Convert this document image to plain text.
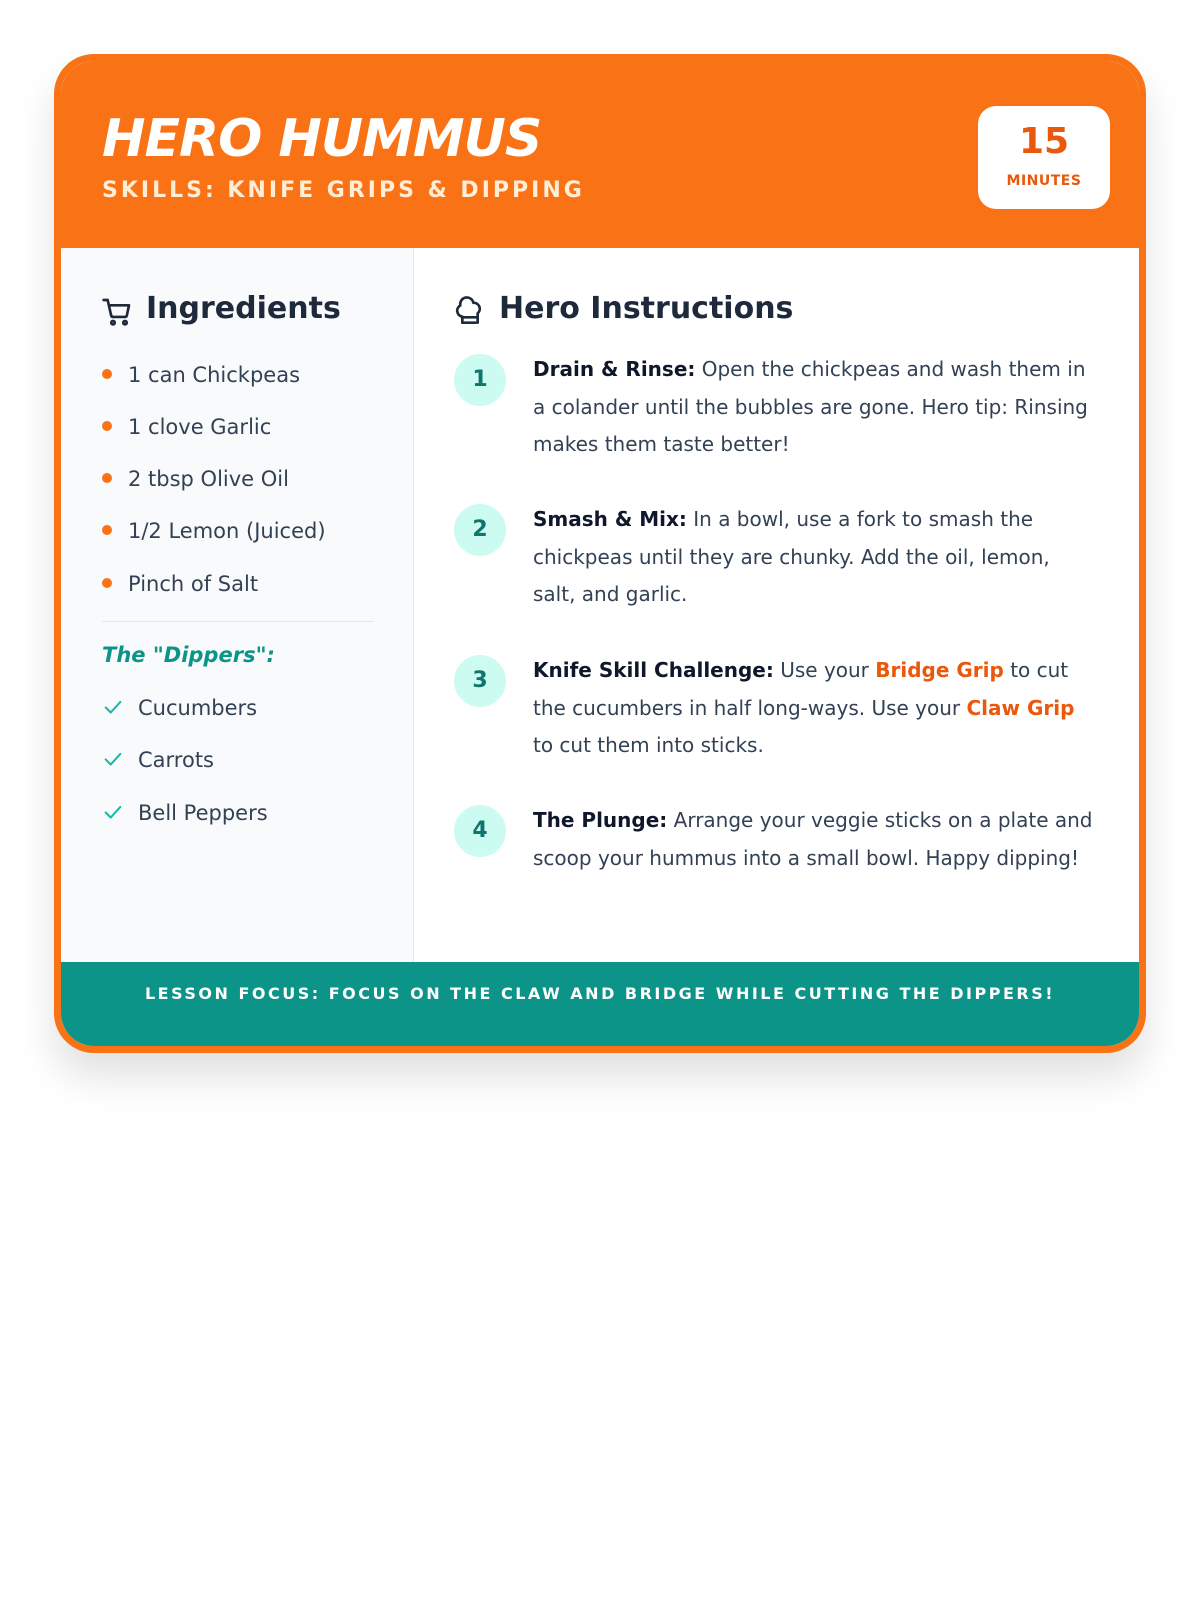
HERO HUMMUS
SKILLS: KNIFE GRIPS & DIPPING
15
MINUTES
Ingredients
1 can Chickpeas
1 clove Garlic
2 tbsp Olive Oil
1/2 Lemon (Juiced)
Pinch of Salt
The "Dippers":
Cucumbers
Carrots
Bell Peppers
Hero Instructions
1	Drain & Rinse: Open the chickpeas and wash them in a colander until the bubbles are gone. Hero tip: Rinsing makes them taste better!
2	Smash & Mix: In a bowl, use a fork to smash the chickpeas until they are chunky. Add the oil, lemon, salt, and garlic.
3	Knife Skill Challenge: Use your Bridge Grip to cut the cucumbers in half long-ways. Use your Claw Grip to cut them into sticks.
4	The Plunge: Arrange your veggie sticks on a plate and scoop your hummus into a small bowl. Happy dipping!
LESSON FOCUS: FOCUS ON THE CLAW AND BRIDGE WHILE CUTTING THE DIPPERS!
